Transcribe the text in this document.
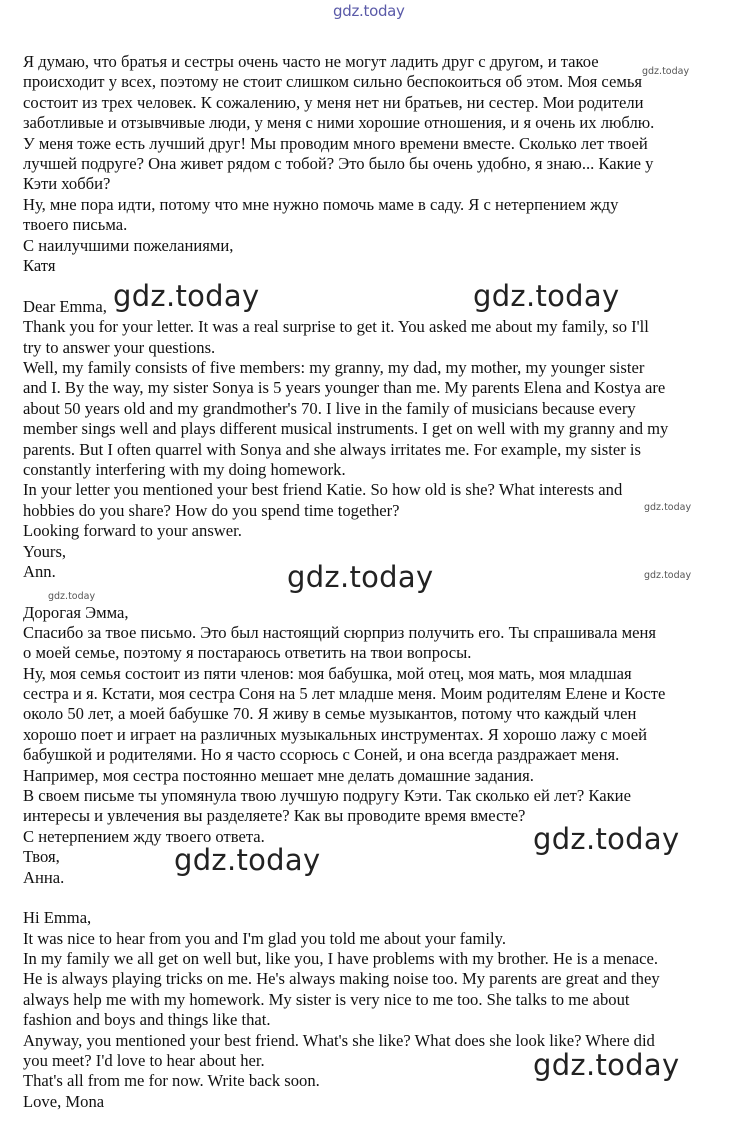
gdz.today
Я думаю, что братья и сестры очень часто не могут ладить друг с другом, и такое
происходит у всех, поэтому не стоит слишком сильно беспокоиться об этом. Моя семья
состоит из трех человек. К сожалению, у меня нет ни братьев, ни сестер. Мои родители
заботливые и отзывчивые люди, у меня с ними хорошие отношения, и я очень их люблю.
У меня тоже есть лучший друг! Мы проводим много времени вместе. Сколько лет твоей
лучшей подруге? Она живет рядом с тобой? Это было бы очень удобно, я знаю... Какие у
Кэти хобби?
Ну, мне пора идти, потому что мне нужно помочь маме в саду. Я с нетерпением жду
твоего письма.
С наилучшими пожеланиями,
Катя
Dear Emma,
Thank you for your letter. It was a real surprise to get it. You asked me about my family, so I'll
try to answer your questions.
Well, my family consists of five members: my granny, my dad, my mother, my younger sister
and I. By the way, my sister Sonya is 5 years younger than me. My parents Elena and Kostya are
about 50 years old and my grandmother's 70. I live in the family of musicians because every
member sings well and plays different musical instruments. I get on well with my granny and my
parents. But I often quarrel with Sonya and she always irritates me. For example, my sister is
constantly interfering with my doing homework.
In your letter you mentioned your best friend Katie. So how old is she? What interests and
hobbies do you share? How do you spend time together?
Looking forward to your answer.
Yours,
Ann.
Дорогая Эмма,
Спасибо за твое письмо. Это был настоящий сюрприз получить его. Ты спрашивала меня
о моей семье, поэтому я постараюсь ответить на твои вопросы.
Ну, моя семья состоит из пяти членов: моя бабушка, мой отец, моя мать, моя младшая
сестра и я. Кстати, моя сестра Соня на 5 лет младше меня. Моим родителям Елене и Косте
около 50 лет, а моей бабушке 70. Я живу в семье музыкантов, потому что каждый член
хорошо поет и играет на различных музыкальных инструментах. Я хорошо лажу с моей
бабушкой и родителями. Но я часто ссорюсь с Соней, и она всегда раздражает меня.
Например, моя сестра постоянно мешает мне делать домашние задания.
В своем письме ты упомянула твою лучшую подругу Кэти. Так сколько ей лет? Какие
интересы и увлечения вы разделяете? Как вы проводите время вместе?
С нетерпением жду твоего ответа.
Твоя,
Анна.
Hi Emma,
It was nice to hear from you and I'm glad you told me about your family.
In my family we all get on well but, like you, I have problems with my brother. He is a menace.
He is always playing tricks on me. He's always making noise too. My parents are great and they
always help me with my homework. My sister is very nice to me too. She talks to me about
fashion and boys and things like that.
Anyway, you mentioned your best friend. What's she like? What does she look like? Where did
you meet? I'd love to hear about her.
That's all from me for now. Write back soon.
Love, Mona
gdz.today
gdz.today	gdz.today
gdz.today
gdz.today	gdz.today
gdz.today
gdz.today
gdz.today
gdz.today
